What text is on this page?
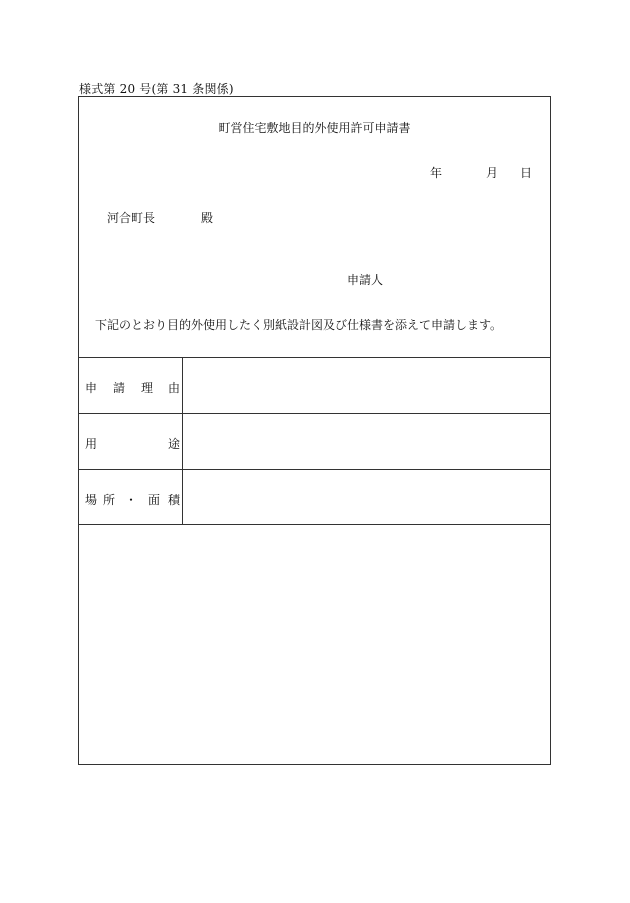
様式第 20 号(第 31 条関係)
町営住宅敷地目的外使用許可申請書
年	月 日
河合町長	殿
申請人
下記のとおり目的外使用したく別紙設計図及び仕様書を添えて申請します。
申 請 理 由
用	途
場 所 ・ 面 積
